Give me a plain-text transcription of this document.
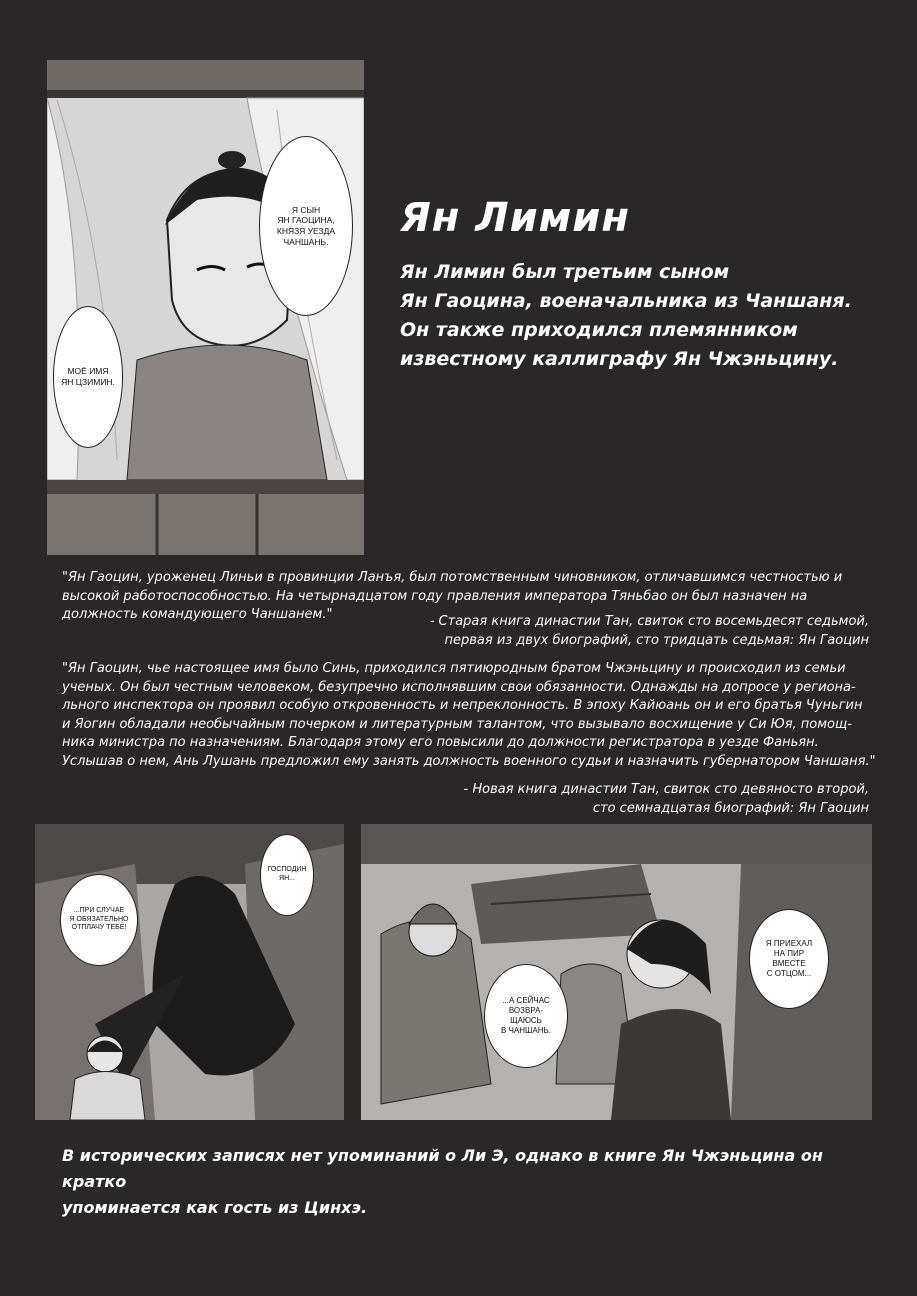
Я СЫН
ЯН ГАОЦИНА,
КНЯЗЯ УЕЗДА
ЧАНШАНЬ.
МОЁ ИМЯ
ЯН ЦЗИМИН.
Ян Лимин
Ян Лимин был третьим сыном
Ян Гаоцина, военачальника из Чаншаня.
Он также приходился племянником
известному каллиграфу Ян Чжэньцину.
"Ян Гаоцин, уроженец Линьи в провинции Ланъя, был потомственным чиновником, отличавшимся честностью и
высокой работоспособностью. На четырнадцатом году правления императора Тяньбао он был назначен на
должность командующего Чаншанем."	- Старая книга династии Тан, свиток сто восемьдесят седьмой,
первая из двух биографий, сто тридцать седьмая: Ян Гаоцин
"Ян Гаоцин, чье настоящее имя было Синь, приходился пятиюродным братом Чжэньцину и происходил из семьи
ученых. Он был честным человеком, безупречно исполнявшим свои обязанности. Однажды на допросе у региона-
льного инспектора он проявил особую откровенность и непреклонность. В эпоху Кайюань он и его братья Чуньгин
и Яогин обладали необычайным почерком и литературным талантом, что вызывало восхищение у Си Юя, помощ-
ника министра по назначениям. Благодаря этому его повысили до должности регистратора в уезде Фаньян.
Услышав о нем, Ань Лушань предложил ему занять должность военного судьи и назначить губернатором Чаншаня."
- Новая книга династии Тан, свиток сто девяносто второй,
сто семнадцатая биографий: Ян Гаоцин
ГОСПОДИН
ЯН...
...ПРИ СЛУЧАЕ
Я ОБЯЗАТЕЛЬНО
ОТПЛАЧУ ТЕБЕ!
Я ПРИЕХАЛ
НА ПИР
ВМЕСТЕ
С ОТЦОМ...
...А СЕЙЧАС
ВОЗВРА-
ЩАЮСЬ
В ЧАНШАНЬ.
В исторических записях нет упоминаний о Ли Э, однако в книге Ян Чжэньцина он кратко
упоминается как гость из Цинхэ.
